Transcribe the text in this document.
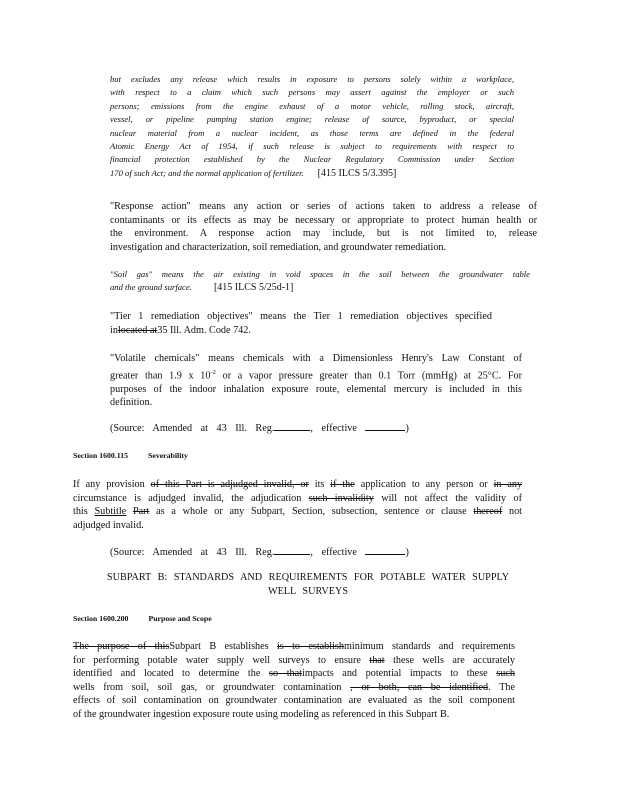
but excludes any release which results in exposure to persons solely within a workplace,
with respect to a claim which such persons may assert against the employer or such
persons; emissions from the engine exhaust of a motor vehicle, rolling stock, aircraft,
vessel, or pipeline pumping station engine; release of source, byproduct, or special
nuclear material from a nuclear incident, as those terms are defined in the federal
Atomic Energy Act of 1954, if such release is subject to requirements with respect to
financial protection established by the Nuclear Regulatory Commission under Section
170 of such Act; and the normal application of fertilizer. [415 ILCS 5/3.395]
"Response action" means any action or series of actions taken to address a release of
contaminants or its effects as may be necessary or appropriate to protect human health or
the environment. A response action may include, but is not limited to, release
investigation and characterization, soil remediation, and groundwater remediation.
"Soil gas" means the air existing in void spaces in the soil between the groundwater table
and the ground surface. [415 ILCS 5/25d-1]
"Tier 1 remediation objectives" means the Tier 1 remediation objectives specified
inlocated at35 Ill. Adm. Code 742.
"Volatile chemicals" means chemicals with a Dimensionless Henry's Law Constant of
greater than 1.9 x $10^{-2}$ or a vapor pressure greater than 0.1 Torr (mmHg) at 25°C. For
purposes of the indoor inhalation exposure route, elemental mercury is included in this
definition.
(Source: Amended at 43 Ill. Reg.	, effective	)
Section 1600.115	Severability
If any provision of this Part is adjudged invalid, or its if the application to any person or in any
circumstance is adjudged invalid, the adjudication such invalidity will not affect the validity of
this Subtitle Part as a whole or any Subpart, Section, subsection, sentence or clause thereof not
adjudged invalid.
(Source: Amended at 43 Ill. Reg.	, effective	)
SUBPART B: STANDARDS AND REQUIREMENTS FOR POTABLE WATER SUPPLY
WELL SURVEYS
Section 1600.200	Purpose and Scope
The purpose of thisSubpart B establishes is to establishminimum standards and requirements
for performing potable water supply well surveys to ensure that these wells are accurately
identified and located to determine the so thatimpacts and potential impacts to these such
wells from soil, soil gas, or groundwater contamination , or both, can be identified. The
effects of soil contamination on groundwater contamination are evaluated as the soil component
of the groundwater ingestion exposure route using modeling as referenced in this Subpart B.
